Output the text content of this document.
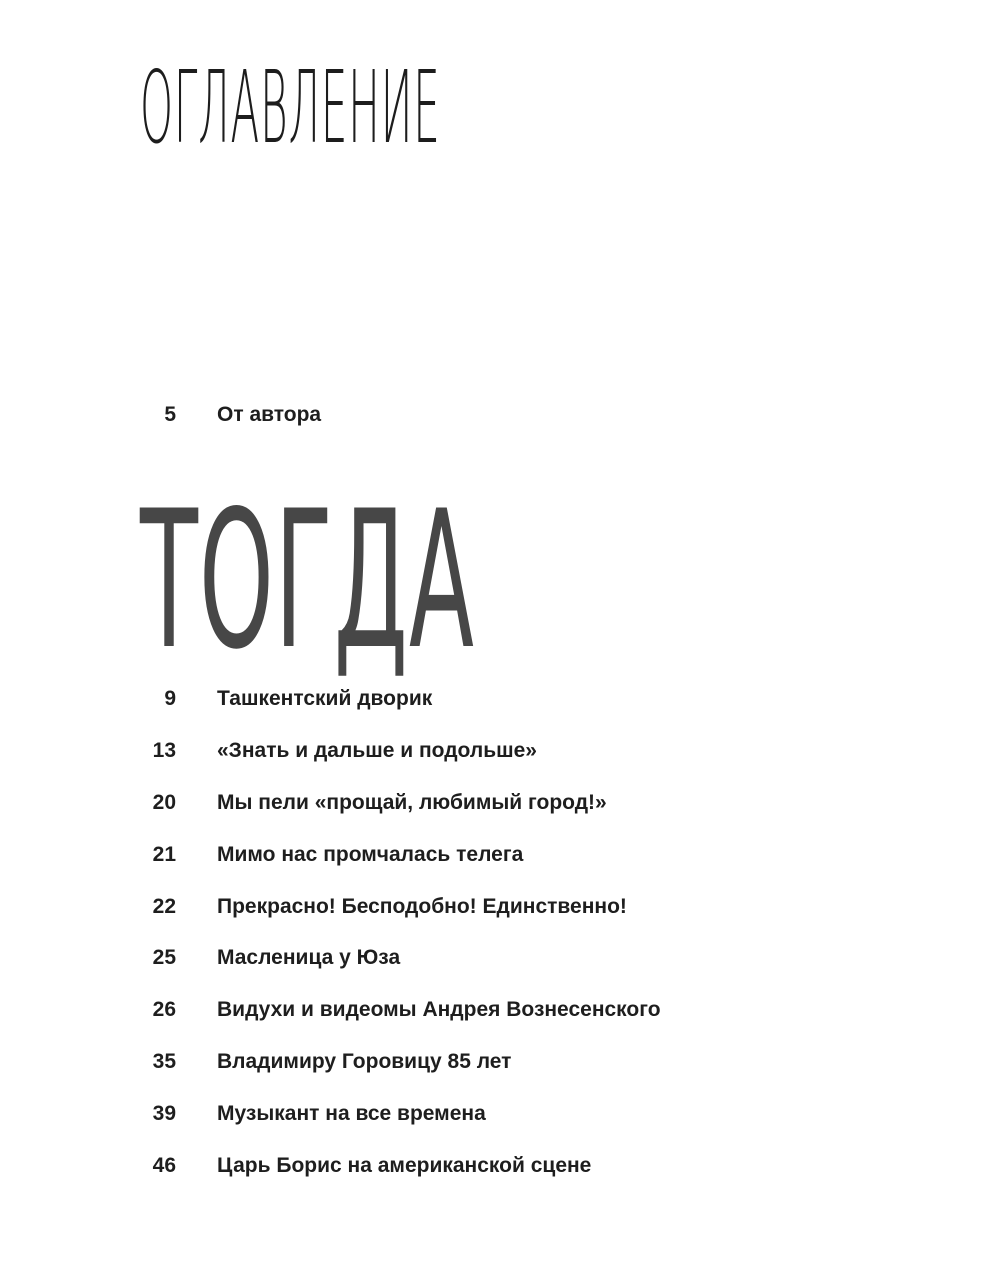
ОГЛАВЛЕНИЕ
5 От автора
ТОГДА
9 Ташкентский дворик
13 «Знать и дальше и подольше»
20 Мы пели «прощай, любимый город!»
21 Мимо нас промчалась телега
22 Прекрасно! Бесподобно! Единственно!
25 Масленица у Юза
26 Видухи и видеомы Андрея Вознесенского
35 Владимиру Горовицу 85 лет
39 Музыкант на все времена
46 Царь Борис на американской сцене
